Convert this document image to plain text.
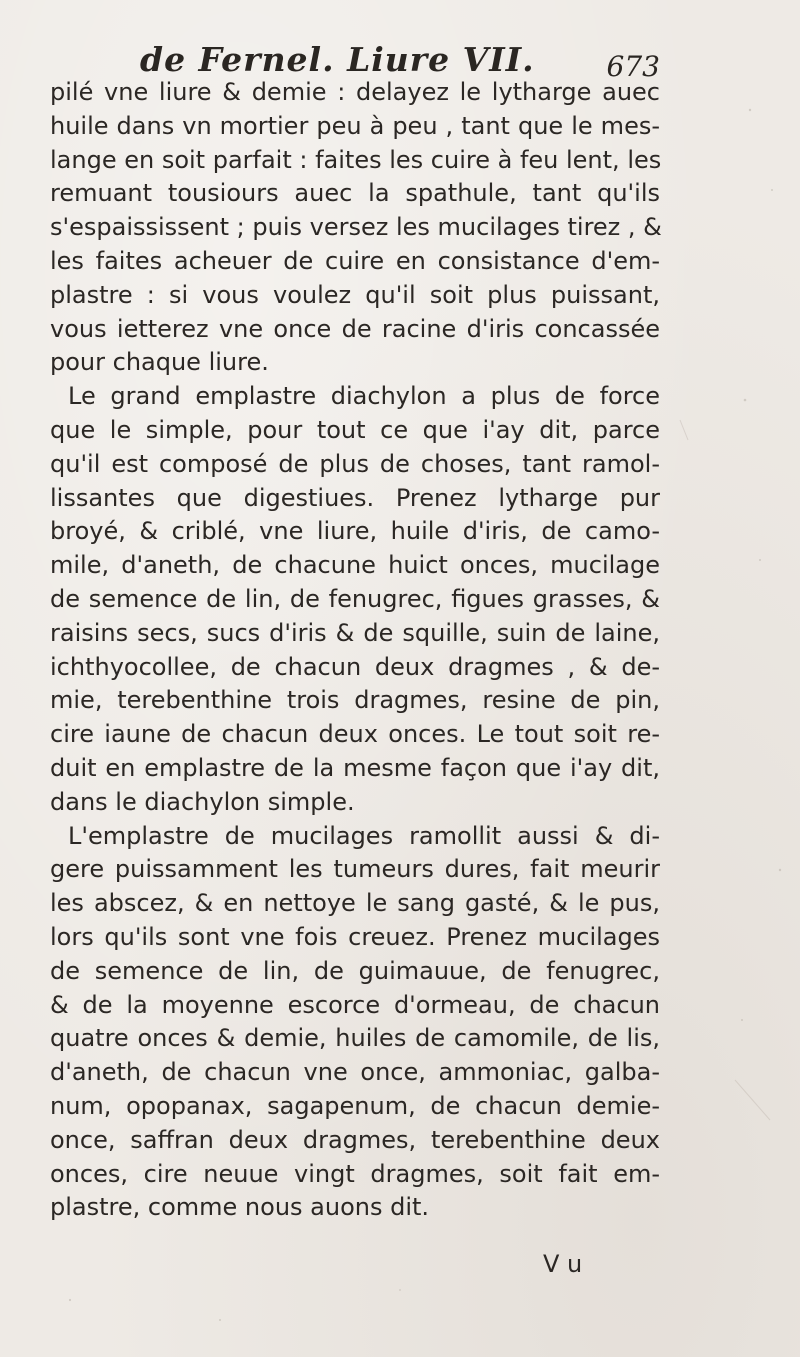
de Fernel. Liure VII.	673
pilé vne liure & demie : delayez le lytharge auec
huile dans vn mortier peu à peu , tant que le mes-
lange en soit parfait : faites les cuire à feu lent, les
remuant tousiours auec la spathule, tant qu'ils
s'espaississent ; puis versez les mucilages tirez , &
les faites acheuer de cuire en consistance d'em-
plastre : si vous voulez qu'il soit plus puissant,
vous ietterez vne once de racine d'iris concassée
pour chaque liure.
Le grand emplastre diachylon a plus de force
que le simple, pour tout ce que i'ay dit, parce
qu'il est composé de plus de choses, tant ramol-
lissantes que digestiues. Prenez lytharge pur
broyé, & criblé, vne liure, huile d'iris, de camo-
mile, d'aneth, de chacune huict onces, mucilage
de semence de lin, de fenugrec, figues grasses, &
raisins secs, sucs d'iris & de squille, suin de laine,
ichthyocollee, de chacun deux dragmes , & de-
mie, terebenthine trois dragmes, resine de pin,
cire iaune de chacun deux onces. Le tout soit re-
duit en emplastre de la mesme façon que i'ay dit,
dans le diachylon simple.
L'emplastre de mucilages ramollit aussi & di-
gere puissamment les tumeurs dures, fait meurir
les abscez, & en nettoye le sang gasté, & le pus,
lors qu'ils sont vne fois creuez. Prenez mucilages
de semence de lin, de guimauue, de fenugrec,
& de la moyenne escorce d'ormeau, de chacun
quatre onces & demie, huiles de camomile, de lis,
d'aneth, de chacun vne once, ammoniac, galba-
num, opopanax, sagapenum, de chacun demie-
once, saffran deux dragmes, terebenthine deux
onces, cire neuue vingt dragmes, soit fait em-
plastre, comme nous auons dit.
V u
